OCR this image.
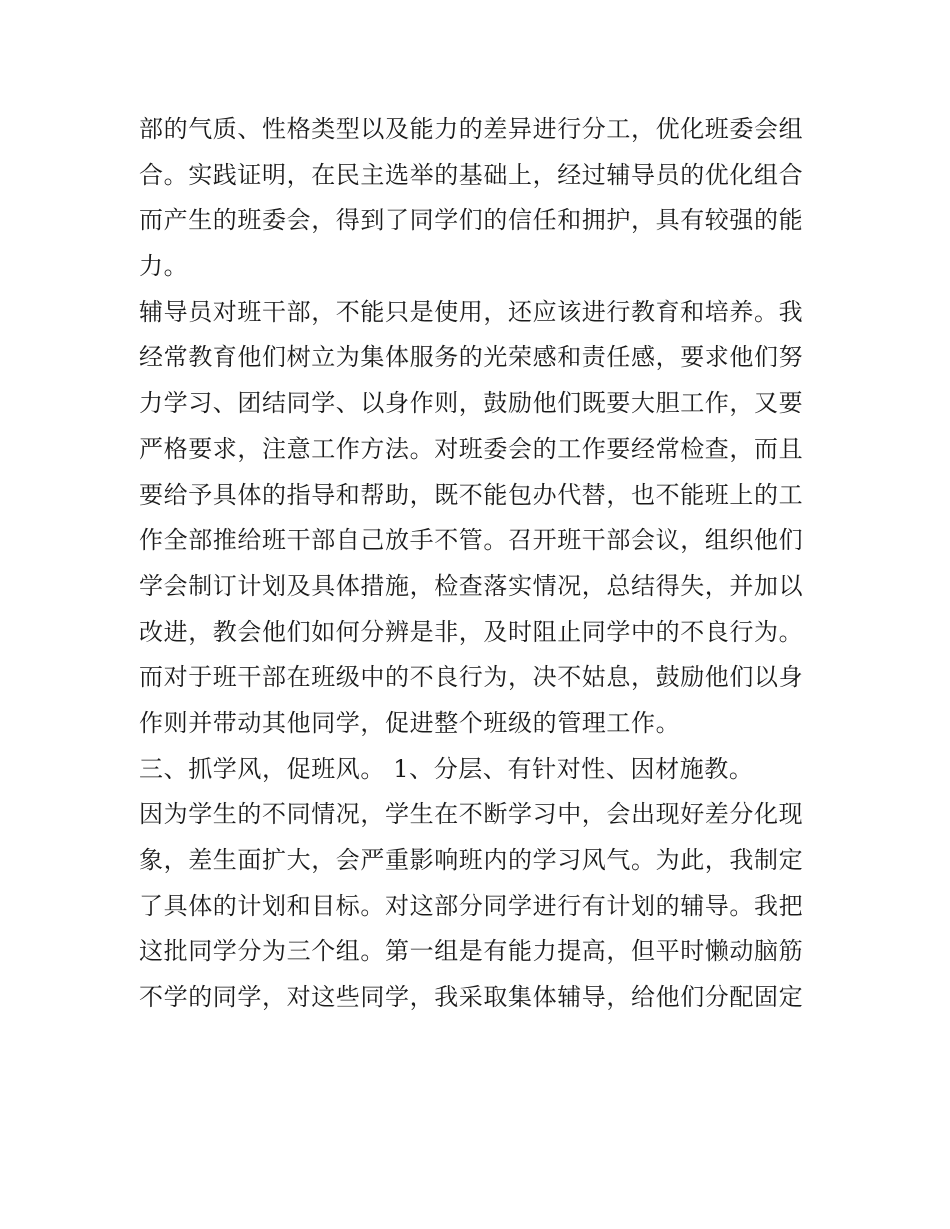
部的气质、性格类型以及能力的差异进行分工，优化班委会组
合。实践证明，在民主选举的基础上，经过辅导员的优化组合
而产生的班委会，得到了同学们的信任和拥护，具有较强的能
力。
辅导员对班干部，不能只是使用，还应该进行教育和培养。我
经常教育他们树立为集体服务的光荣感和责任感，要求他们努
力学习、团结同学、以身作则，鼓励他们既要大胆工作，又要
严格要求，注意工作方法。对班委会的工作要经常检查，而且
要给予具体的指导和帮助，既不能包办代替，也不能班上的工
作全部推给班干部自己放手不管。召开班干部会议，组织他们
学会制订计划及具体措施，检查落实情况，总结得失，并加以
改进，教会他们如何分辨是非，及时阻止同学中的不良行为。
而对于班干部在班级中的不良行为，决不姑息，鼓励他们以身
作则并带动其他同学，促进整个班级的管理工作。
三、抓学风，促班风。 1、分层、有针对性、因材施教。
因为学生的不同情况，学生在不断学习中，会出现好差分化现
象，差生面扩大，会严重影响班内的学习风气。为此，我制定
了具体的计划和目标。对这部分同学进行有计划的辅导。我把
这批同学分为三个组。第一组是有能力提高，但平时懒动脑筋
不学的同学，对这些同学，我采取集体辅导，给他们分配固定
